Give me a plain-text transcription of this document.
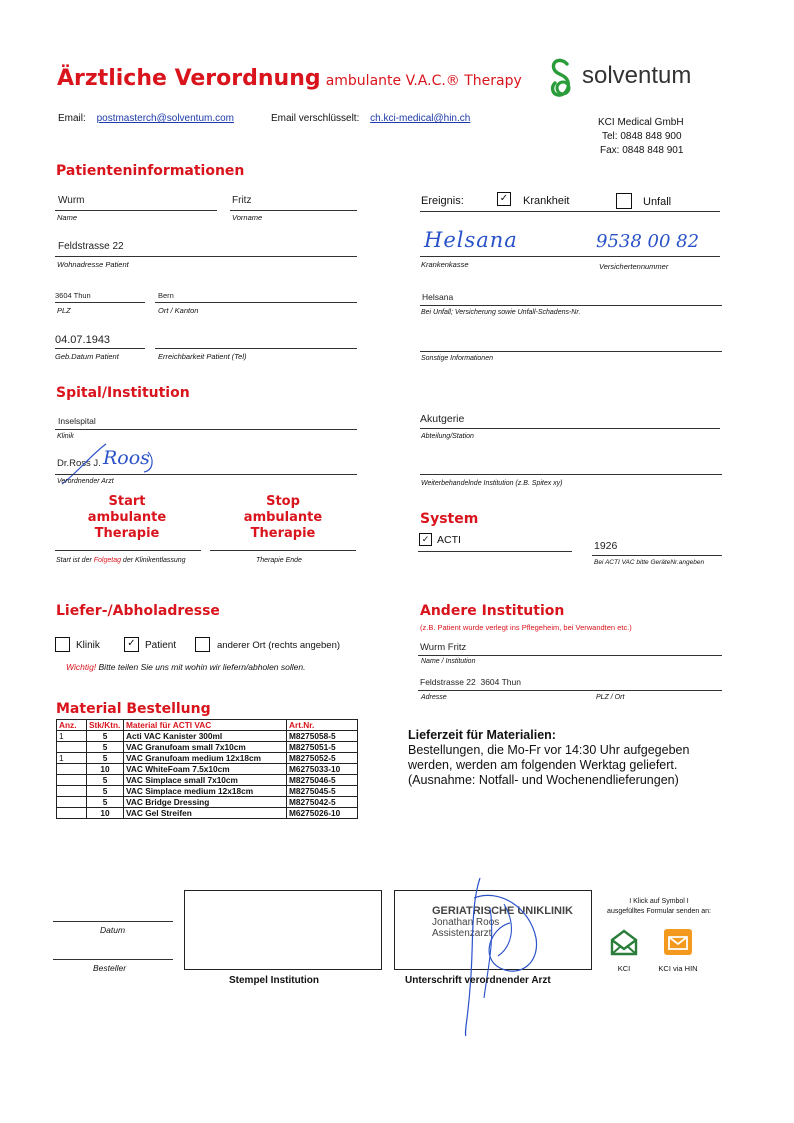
Ärztliche Verordnung ambulante V.A.C.® Therapy	solventum
Email: postmasterch@solventum.com	Email verschlüsselt: ch.kci-medical@hin.ch	KCI Medical GmbH
Tel: 0848 848 900
Fax: 0848 848 901
Patienteninformationen
Wurm
Name
Fritz
Vorname
Feldstrasse 22
Wohnadresse Patient
3604 Thun
PLZ
Bern
Ort / Kanton
04.07.1943
Geb.Datum Patient	Erreichbarkeit Patient (Tel)
Ereignis:	✓ Krankheit	Unfall
Helsana
Krankenkasse
9538 00 82
Versichertennummer
Helsana
Bei Unfall; Versicherung sowie Unfall-Schadens-Nr.
Sonstige Informationen
Spital/Institution
Inselspital
Klinik
Dr.Ross J. Roos
Verordnender Arzt
Akutgerie
Abteilung/Station
Weiterbehandelnde Institution (z.B. Spitex xy)
Start
ambulante Therapie
Stop
ambulante Therapie
Start ist der Folgetag der Klinikentlassung	Therapie Ende
System
✓ ACTI	1926
Bei ACTI VAC bitte GeräteNr.angeben
Liefer-/Abholadresse
Klinik	✓ Patient	anderer Ort (rechts angeben)
Wichtig! Bitte teilen Sie uns mit wohin wir liefern/abholen sollen.
Andere Institution
(z.B. Patient wurde verlegt ins Pflegeheim, bei Verwandten etc.)
Wurm Fritz
Name / Institution
Feldstrasse 22  3604 Thun
Adresse	PLZ / Ort
Material Bestellung
Anz.	Stk/Ktn.	Material für ACTI VAC	Art.Nr.
1	5	Acti VAC Kanister 300ml	M8275058-5
	5	VAC Granufoam small 7x10cm	M8275051-5
1	5	VAC Granufoam medium 12x18cm	M8275052-5
	10	VAC WhiteFoam 7.5x10cm	M6275033-10
	5	VAC Simplace small 7x10cm	M8275046-5
	5	VAC Simplace medium 12x18cm	M8275045-5
	5	VAC Bridge Dressing	M8275042-5
	10	VAC Gel Streifen	M6275026-10
Lieferzeit für Materialien:
Bestellungen, die Mo-Fr vor 14:30 Uhr aufgegeben
werden, werden am folgenden Werktag geliefert.
(Ausnahme: Notfall- und Wochenendlieferungen)
Datum
Besteller
Stempel Institution
GERIATRISCHE UNIKLINIK
Jonathan Roos
Assistenzarzt
Unterschrift verordnender Arzt
I Klick auf Symbol I
ausgefülltes Formular senden an:
KCI	KCI via HIN
